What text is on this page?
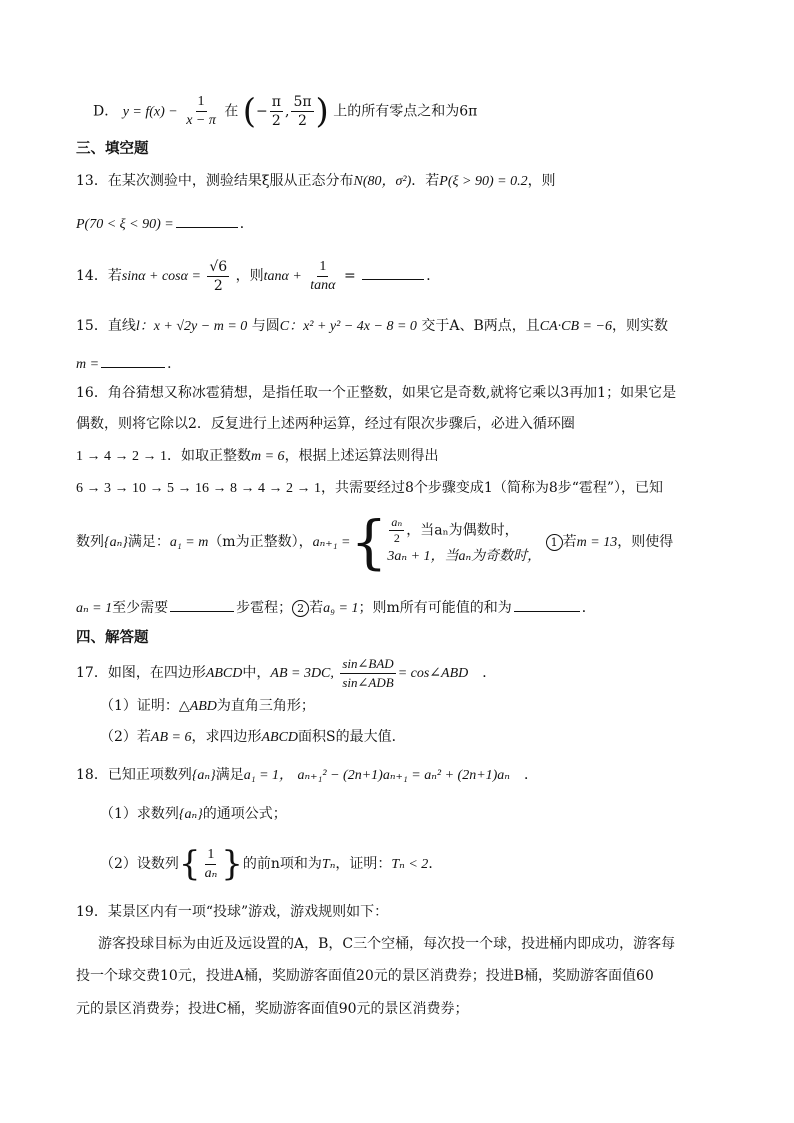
D． $y = f(x) - \frac{1}{x - \pi}$ 在 (− $\frac{\pi}{2}$ , $\frac{5\pi}{2}$ ) 上的所有零点之和为6π
三、填空题
13．在某次测验中，测验结果ξ服从正态分布N(80，σ²)．若P(ξ > 90) = 0.2，则
P(70 < ξ < 90) =	．
14．若$\sin\alpha + \cos\alpha = \frac{√6}{2}$ ，则$\tan\alpha + \frac{1}{\tan\alpha}$ =	．
15．直线l：x + √2y − m = 0 与圆C：x² + y² − 4x − 8 = 0 交于A、B两点，且CA·CB = −6，则实数
m =	．
16．角谷猜想又称冰雹猜想，是指任取一个正整数，如果它是奇数,就将它乘以3再加1；如果它是
偶数，则将它除以2．反复进行上述两种运算，经过有限次步骤后，必进入循环圈
1 → 4 → 2 → 1．如取正整数m = 6，根据上述运算法则得出
6 → 3 → 10 → 5 → 16 → 8 → 4 → 2 → 1，共需要经过8个步骤变成1（简称为8步“雹程”），已知
数列{aₙ}满足：a₁ = m（m为正整数），aₙ₊₁ ={ $\frac{\text{aₙ}}{2}$ ，当aₙ为偶数时，
3aₙ + 1，当aₙ为奇数时，
1 若m = 13，则使得
aₙ = 1至少需要	步雹程； 2 若a₉ = 1；则m所有可能值的和为	．
四、解答题
17．如图，在四边形ABCD中，AB = 3DC, $\frac{\text{sin∠BAD}}{\text{sin∠ADB}}$ = cos∠ABD ．
（1）证明：△ABD为直角三角形；
（2）若AB = 6，求四边形ABCD面积S的最大值．
18．已知正项数列{aₙ}满足a₁ = 1， aₙ₊₁² − (2n+1)aₙ₊₁ = aₙ² + (2n+1)aₙ ．
（1）求数列{aₙ}的通项公式；
（2）设数列{ $\frac{1}{\text{aₙ}}$ }的前n项和为Tₙ，证明：Tₙ < 2．
19．某景区内有一项“投球”游戏，游戏规则如下：
游客投球目标为由近及远设置的A，B，C三个空桶，每次投一个球，投进桶内即成功，游客每
投一个球交费10元，投进A桶，奖励游客面值20元的景区消费券；投进B桶，奖励游客面值60
元的景区消费券；投进C桶，奖励游客面值90元的景区消费券；
